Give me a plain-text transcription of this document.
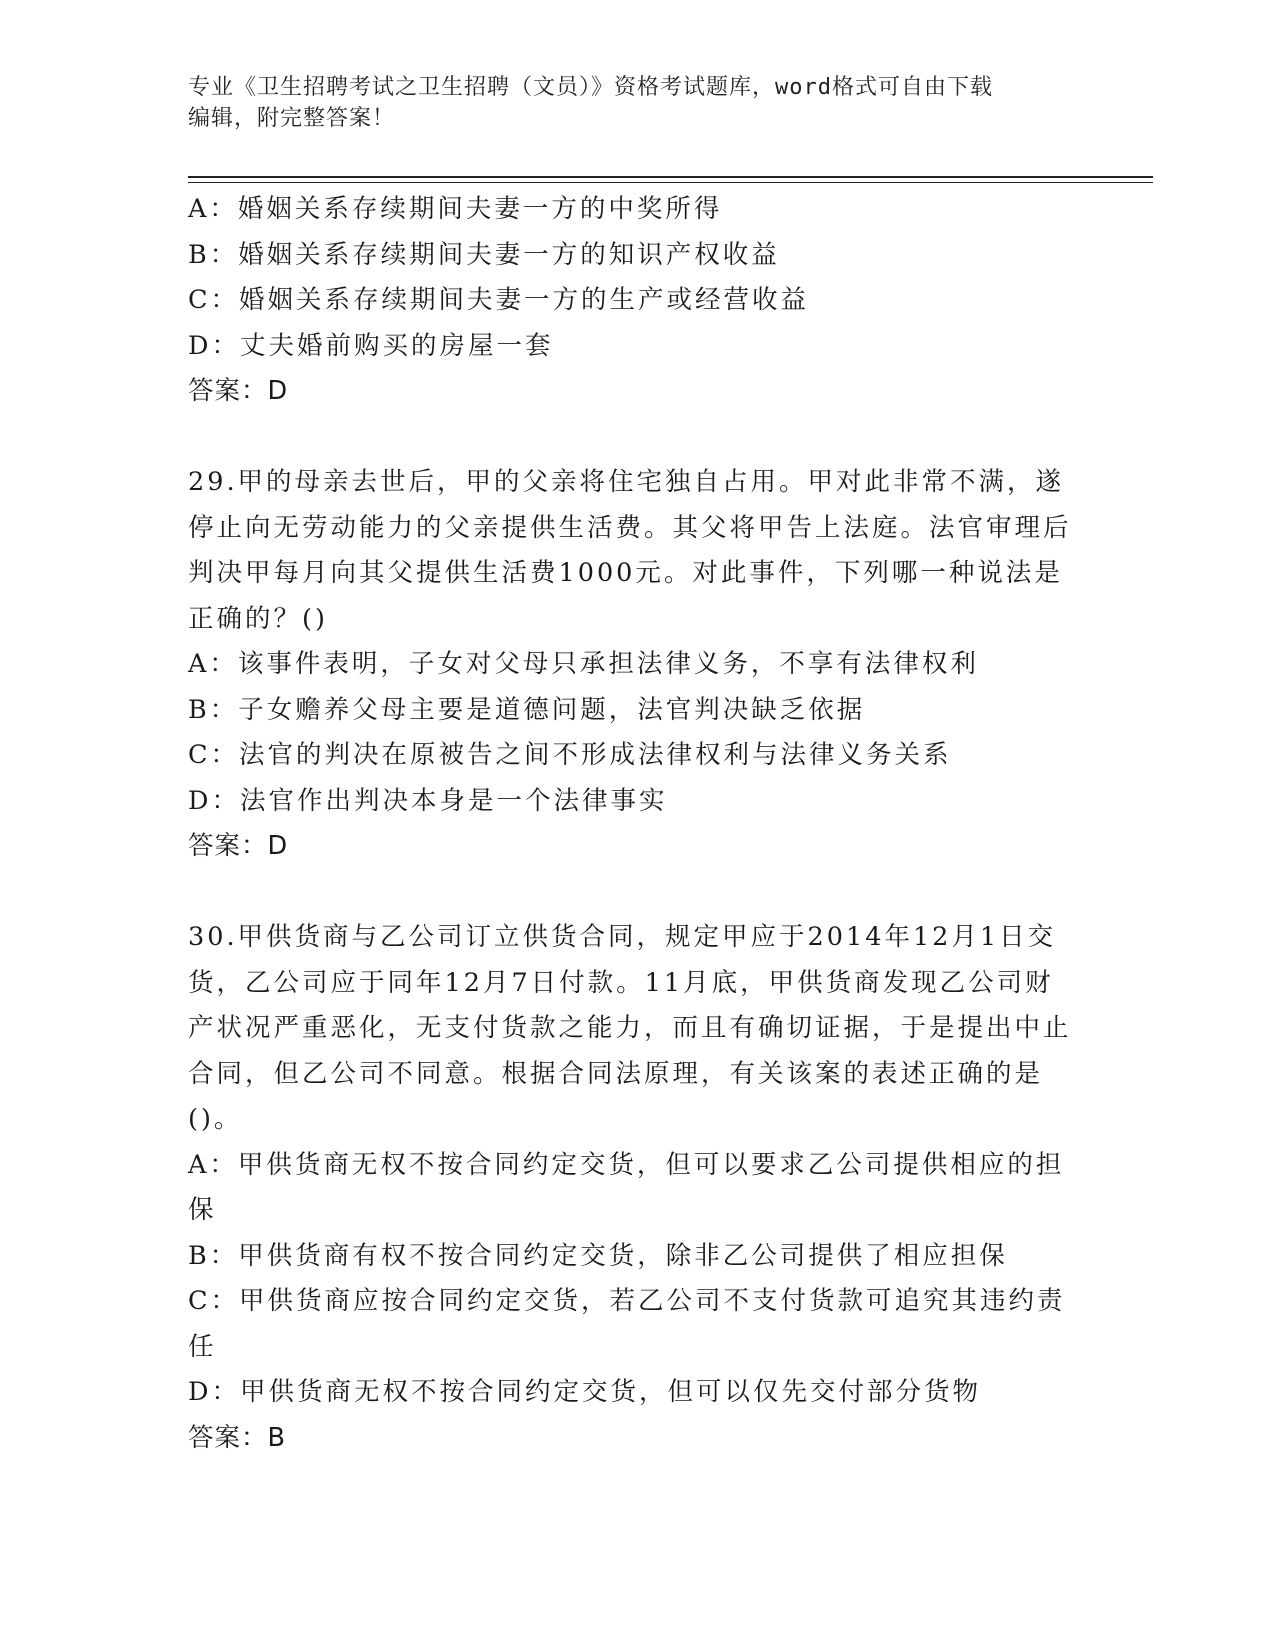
专业《卫生招聘考试之卫生招聘（文员）》资格考试题库，word格式可自由下载
编辑，附完整答案！
A：婚姻关系存续期间夫妻一方的中奖所得
B：婚姻关系存续期间夫妻一方的知识产权收益
C：婚姻关系存续期间夫妻一方的生产或经营收益
D：丈夫婚前购买的房屋一套
答案：D
29.甲的母亲去世后，甲的父亲将住宅独自占用。甲对此非常不满，遂停止向无劳动能力的父亲提供生活费。其父将甲告上法庭。法官审理后判决甲每月向其父提供生活费1000元。对此事件，下列哪一种说法是正确的？()
A：该事件表明，子女对父母只承担法律义务，不享有法律权利
B：子女赡养父母主要是道德问题，法官判决缺乏依据
C：法官的判决在原被告之间不形成法律权利与法律义务关系
D：法官作出判决本身是一个法律事实
答案：D
30.甲供货商与乙公司订立供货合同，规定甲应于2014年12月1日交货，乙公司应于同年12月7日付款。11月底，甲供货商发现乙公司财产状况严重恶化，无支付货款之能力，而且有确切证据，于是提出中止合同，但乙公司不同意。根据合同法原理，有关该案的表述正确的是()。
A：甲供货商无权不按合同约定交货，但可以要求乙公司提供相应的担保
B：甲供货商有权不按合同约定交货，除非乙公司提供了相应担保
C：甲供货商应按合同约定交货，若乙公司不支付货款可追究其违约责任
D：甲供货商无权不按合同约定交货，但可以仅先交付部分货物
答案：B
